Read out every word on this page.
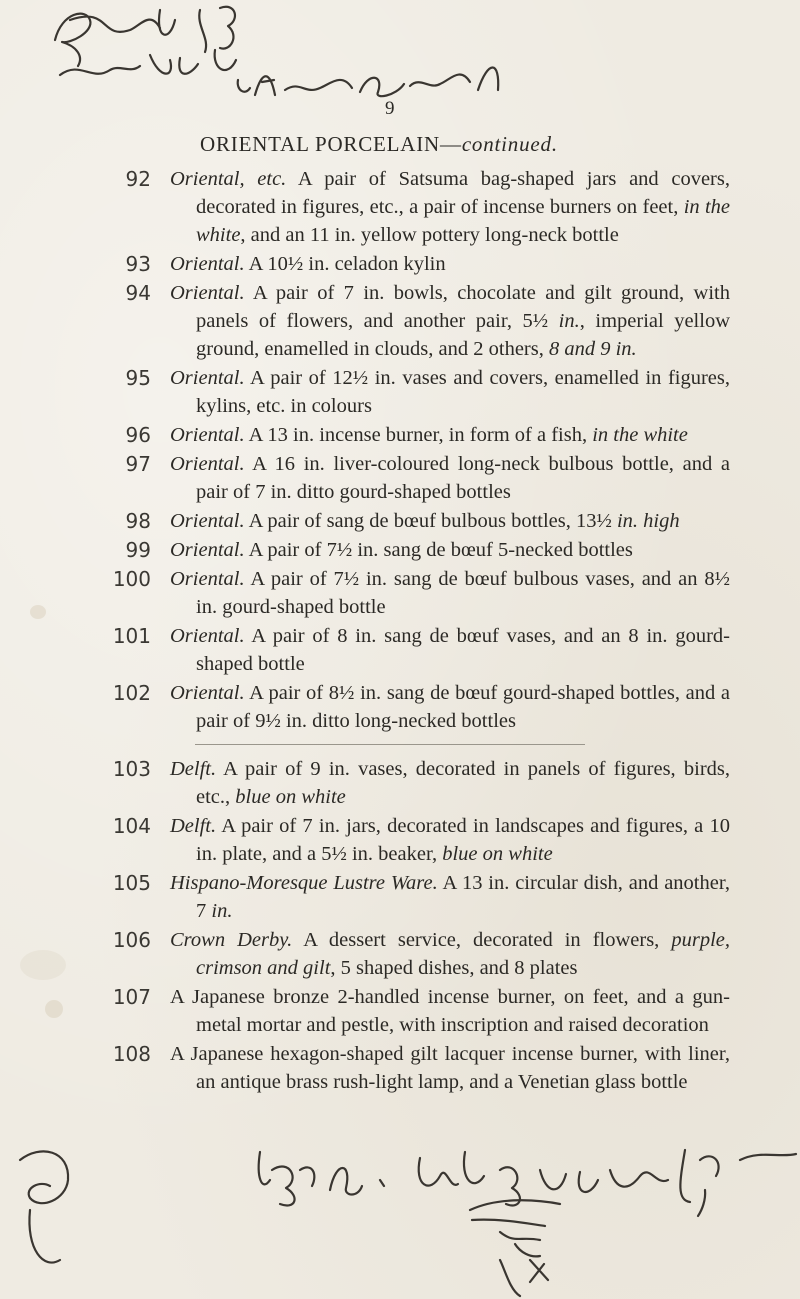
9
ORIENTAL PORCELAIN—continued.
92 Oriental, etc. A pair of Satsuma bag-shaped jars and covers, decorated in figures, etc., a pair of incense burners on feet, in the white, and an 11 in. yellow pottery long-neck bottle
93 Oriental. A 10½ in. celadon kylin
94 Oriental. A pair of 7 in. bowls, chocolate and gilt ground, with panels of flowers, and another pair, 5½ in., imperial yellow ground, enamelled in clouds, and 2 others, 8 and 9 in.
95 Oriental. A pair of 12½ in. vases and covers, enamelled in figures, kylins, etc. in colours
96 Oriental. A 13 in. incense burner, in form of a fish, in the white
97 Oriental. A 16 in. liver-coloured long-neck bulbous bottle, and a pair of 7 in. ditto gourd-shaped bottles
98 Oriental. A pair of sang de bœuf bulbous bottles, 13½ in. high
99 Oriental. A pair of 7½ in. sang de bœuf 5-necked bottles
100 Oriental. A pair of 7½ in. sang de bœuf bulbous vases, and an 8½ in. gourd-shaped bottle
101 Oriental. A pair of 8 in. sang de bœuf vases, and an 8 in. gourd-shaped bottle
102 Oriental. A pair of 8½ in. sang de bœuf gourd-shaped bottles, and a pair of 9½ in. ditto long-necked bottles
103 Delft. A pair of 9 in. vases, decorated in panels of figures, birds, etc., blue on white
104 Delft. A pair of 7 in. jars, decorated in landscapes and figures, a 10 in. plate, and a 5½ in. beaker, blue on white
105 Hispano-Moresque Lustre Ware. A 13 in. circular dish, and another, 7 in.
106 Crown Derby. A dessert service, decorated in flowers, purple, crimson and gilt, 5 shaped dishes, and 8 plates
107 A Japanese bronze 2-handled incense burner, on feet, and a gun-metal mortar and pestle, with inscription and raised decoration
108 A Japanese hexagon-shaped gilt lacquer incense burner, with liner, an antique brass rush-light lamp, and a Venetian glass bottle
